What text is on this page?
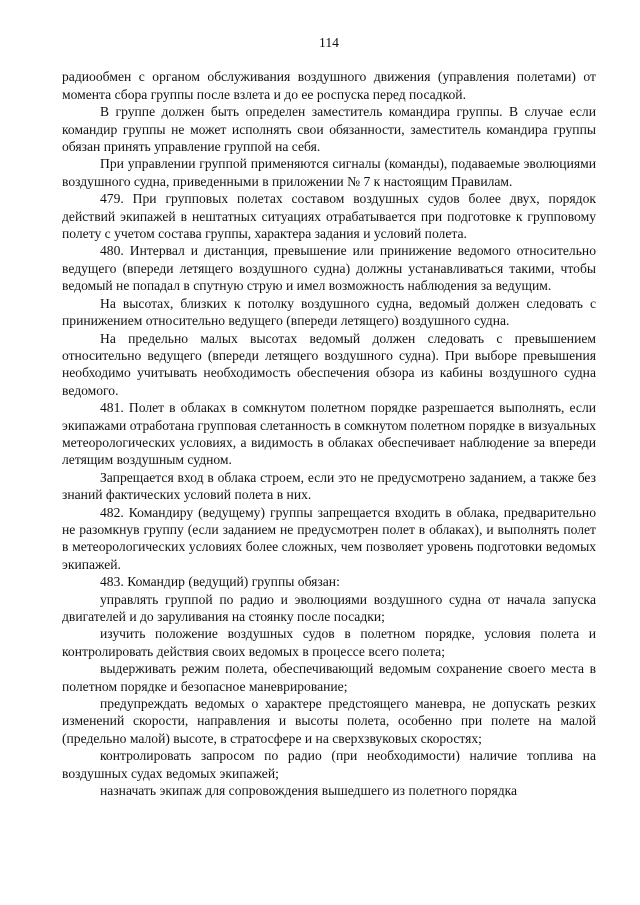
114

радиообмен с органом обслуживания воздушного движения (управления полетами) от момента сбора группы после взлета и до ее роспуска перед посадкой.

В группе должен быть определен заместитель командира группы. В случае если командир группы не может исполнять свои обязанности, заместитель командира группы обязан принять управление группой на себя.

При управлении группой применяются сигналы (команды), подаваемые эволюциями воздушного судна, приведенными в приложении № 7 к настоящим Правилам.

479. При групповых полетах составом воздушных судов более двух, порядок действий экипажей в нештатных ситуациях отрабатывается при подготовке к групповому полету с учетом состава группы, характера задания и условий полета.

480. Интервал и дистанция, превышение или принижение ведомого относительно ведущего (впереди летящего воздушного судна) должны устанавливаться такими, чтобы ведомый не попадал в спутную струю и имел возможность наблюдения за ведущим.

На высотах, близких к потолку воздушного судна, ведомый должен следовать с принижением относительно ведущего (впереди летящего) воздушного судна.

На предельно малых высотах ведомый должен следовать с превышением относительно ведущего (впереди летящего воздушного судна). При выборе превышения необходимо учитывать необходимость обеспечения обзора из кабины воздушного судна ведомого.

481. Полет в облаках в сомкнутом полетном порядке разрешается выполнять, если экипажами отработана групповая слетанность в сомкнутом полетном порядке в визуальных метеорологических условиях, а видимость в облаках обеспечивает наблюдение за впереди летящим воздушным судном.

Запрещается вход в облака строем, если это не предусмотрено заданием, а также без знаний фактических условий полета в них.

482. Командиру (ведущему) группы запрещается входить в облака, предварительно не разомкнув группу (если заданием не предусмотрен полет в облаках), и выполнять полет в метеорологических условиях более сложных, чем позволяет уровень подготовки ведомых экипажей.

483. Командир (ведущий) группы обязан:

управлять группой по радио и эволюциями воздушного судна от начала запуска двигателей и до заруливания на стоянку после посадки;

изучить положение воздушных судов в полетном порядке, условия полета и контролировать действия своих ведомых в процессе всего полета;

выдерживать режим полета, обеспечивающий ведомым сохранение своего места в полетном порядке и безопасное маневрирование;

предупреждать ведомых о характере предстоящего маневра, не допускать резких изменений скорости, направления и высоты полета, особенно при полете на малой (предельно малой) высоте, в стратосфере и на сверхзвуковых скоростях;

контролировать запросом по радио (при необходимости) наличие топлива на воздушных судах ведомых экипажей;

назначать экипаж для сопровождения вышедшего из полетного порядка
